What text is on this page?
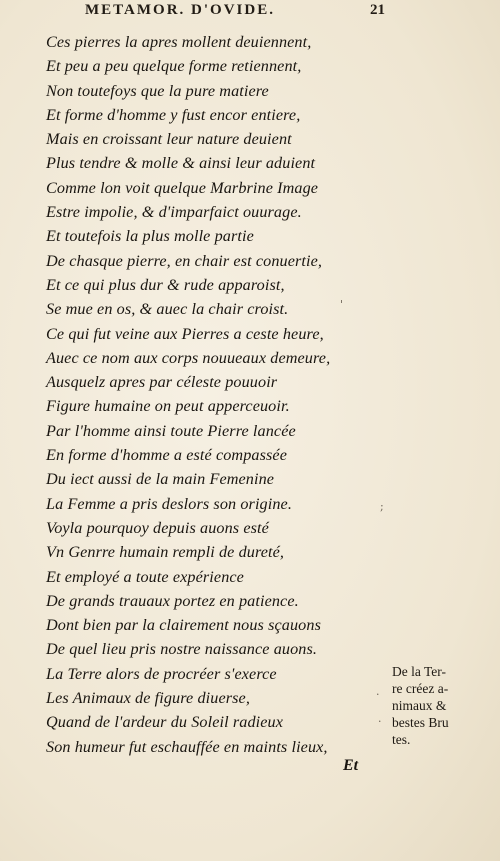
METAMOR. D'OVIDE.	21
Ces pierres la apres mollent deuiennent,
Et peu a peu quelque forme retiennent,
Non toutefoys que la pure matiere
Et forme d'homme y fust encor entiere,
Mais en croissant leur nature deuient
Plus tendre & molle & ainsi leur aduient
Comme lon voit quelque Marbrine Image
Estre impolie, & d'imparfaict ouurage.
Et toutefois la plus molle partie
De chasque pierre, en chair est conuertie,
Et ce qui plus dur & rude apparoist,
Se mue en os, & auec la chair croist.
Ce qui fut veine aux Pierres a ceste heure,
Auec ce nom aux corps nouueaux demeure,
Ausquelz apres par céleste pouuoir
Figure humaine on peut apperceuoir.
Par l'homme ainsi toute Pierre lancée
En forme d'homme a esté compassée
Du iect aussi de la main Femenine
La Femme a pris deslors son origine.
Voyla pourquoy depuis auons esté
Vn Genrre humain rempli de dureté,
Et employé a toute expérience
De grands trauaux portez en patience.
Dont bien par la clairement nous sçauons
De quel lieu pris nostre naissance auons.
La Terre alors de procréer s'exerce
Les Animaux de figure diuerse,
Quand de l'ardeur du Soleil radieux
Son humeur fut eschauffée en maints lieux,
Et
De la Ter-
re créez a-
nimaux &
bestes Bru
tes.
'
;
·
·
